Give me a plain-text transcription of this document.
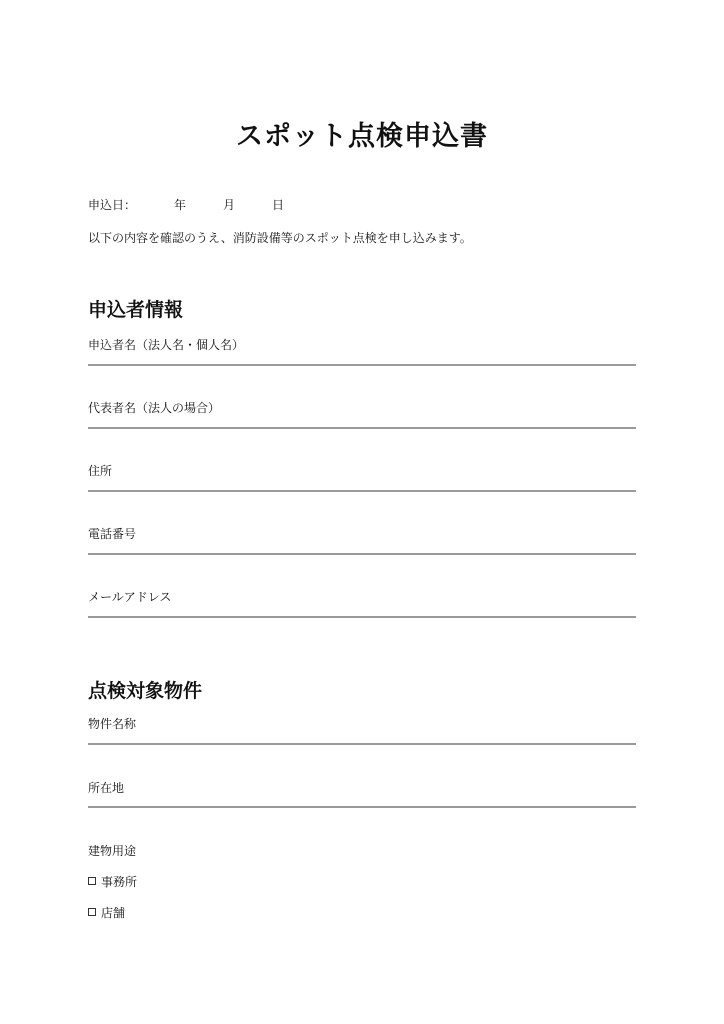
スポット点検申込書
申込日：	年	月	日
以下の内容を確認のうえ、消防設備等のスポット点検を申し込みます。
申込者情報
申込者名（法人名・個人名）
代表者名（法人の場合）
住所
電話番号
メールアドレス
点検対象物件
物件名称
所在地
建物用途
事務所
店舗
